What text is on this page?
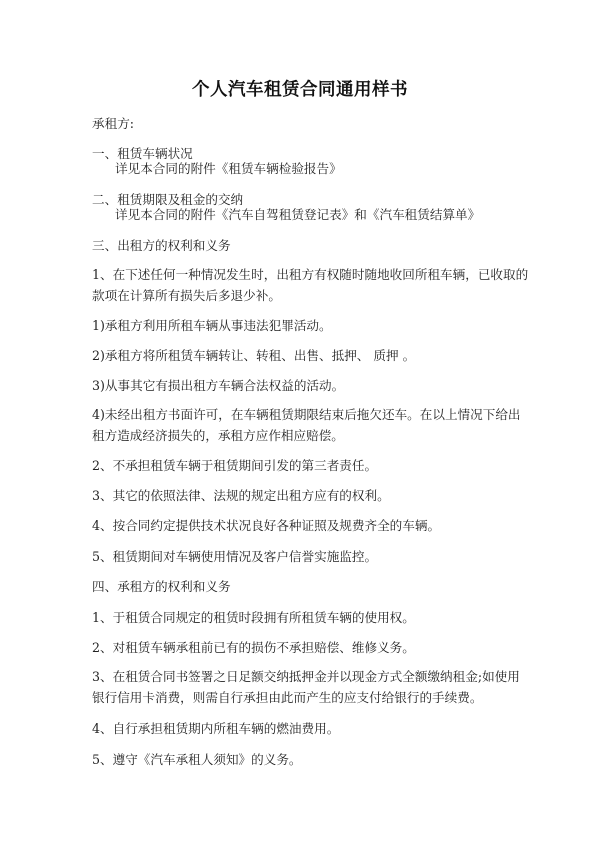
个人汽车租赁合同通用样书
承租方:
一、租赁车辆状况
详见本合同的附件《租赁车辆检验报告》
二、租赁期限及租金的交纳
详见本合同的附件《汽车自驾租赁登记表》和《汽车租赁结算单》
三、出租方的权利和义务
1、在下述任何一种情况发生时，出租方有权随时随地收回所租车辆，已收取的
款项在计算所有损失后多退少补。
1)承租方利用所租车辆从事违法犯罪活动。
2)承租方将所租赁车辆转让、转租、出售、抵押、 质押 。
3)从事其它有损出租方车辆合法权益的活动。
4)未经出租方书面许可，在车辆租赁期限结束后拖欠还车。在以上情况下给出
租方造成经济损失的，承租方应作相应赔偿。
2、不承担租赁车辆于租赁期间引发的第三者责任。
3、其它的依照法律、法规的规定出租方应有的权利。
4、按合同约定提供技术状况良好各种证照及规费齐全的车辆。
5、租赁期间对车辆使用情况及客户信誉实施监控。
四、承租方的权利和义务
1、于租赁合同规定的租赁时段拥有所租赁车辆的使用权。
2、对租赁车辆承租前已有的损伤不承担赔偿、维修义务。
3、在租赁合同书签署之日足额交纳抵押金并以现金方式全额缴纳租金;如使用
银行信用卡消费，则需自行承担由此而产生的应支付给银行的手续费。
4、自行承担租赁期内所租车辆的燃油费用。
5、遵守《汽车承租人须知》的义务。
